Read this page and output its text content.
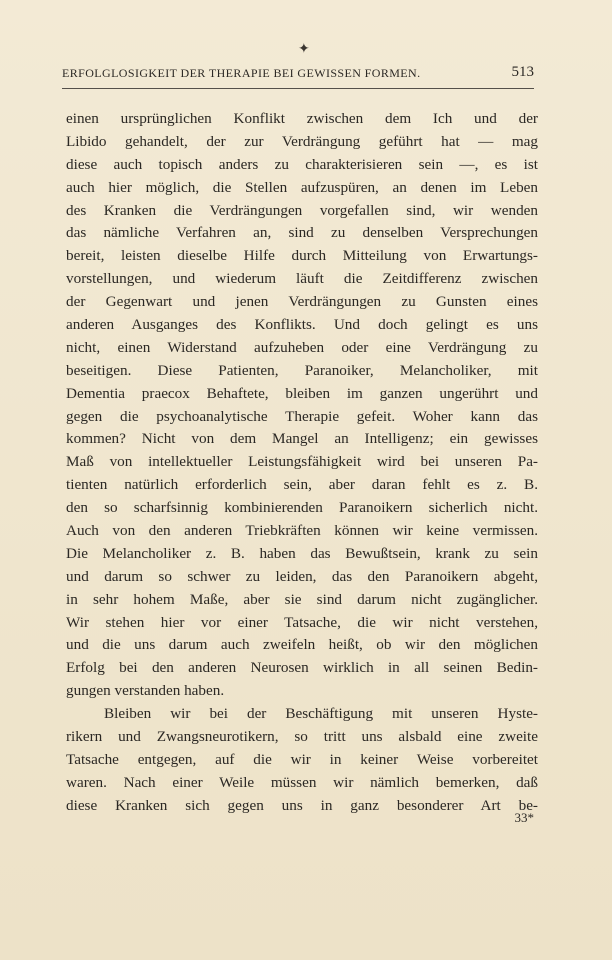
✦
ERFOLGLOSIGKEIT DER THERAPIE BEI GEWISSEN FORMEN.	513
einen ursprünglichen Konflikt zwischen dem Ich und der
Libido gehandelt, der zur Verdrängung geführt hat — mag
diese auch topisch anders zu charakterisieren sein —, es ist
auch hier möglich, die Stellen aufzuspüren, an denen im Leben
des Kranken die Verdrängungen vorgefallen sind, wir wenden
das nämliche Verfahren an, sind zu denselben Versprechungen
bereit, leisten dieselbe Hilfe durch Mitteilung von Erwartungs-
vorstellungen, und wiederum läuft die Zeitdifferenz zwischen
der Gegenwart und jenen Verdrängungen zu Gunsten eines
anderen Ausganges des Konflikts. Und doch gelingt es uns
nicht, einen Widerstand aufzuheben oder eine Verdrängung zu
beseitigen. Diese Patienten, Paranoiker, Melancholiker, mit
Dementia praecox Behaftete, bleiben im ganzen ungerührt und
gegen die psychoanalytische Therapie gefeit. Woher kann das
kommen? Nicht von dem Mangel an Intelligenz; ein gewisses
Maß von intellektueller Leistungsfähigkeit wird bei unseren Pa-
tienten natürlich erforderlich sein, aber daran fehlt es z. B.
den so scharfsinnig kombinierenden Paranoikern sicherlich nicht.
Auch von den anderen Triebkräften können wir keine vermissen.
Die Melancholiker z. B. haben das Bewußtsein, krank zu sein
und darum so schwer zu leiden, das den Paranoikern abgeht,
in sehr hohem Maße, aber sie sind darum nicht zugänglicher.
Wir stehen hier vor einer Tatsache, die wir nicht verstehen,
und die uns darum auch zweifeln heißt, ob wir den möglichen
Erfolg bei den anderen Neurosen wirklich in all seinen Bedin-
gungen verstanden haben.
Bleiben wir bei der Beschäftigung mit unseren Hyste-
rikern und Zwangsneurotikern, so tritt uns alsbald eine zweite
Tatsache entgegen, auf die wir in keiner Weise vorbereitet
waren. Nach einer Weile müssen wir nämlich bemerken, daß
diese Kranken sich gegen uns in ganz besonderer Art be-
33*
